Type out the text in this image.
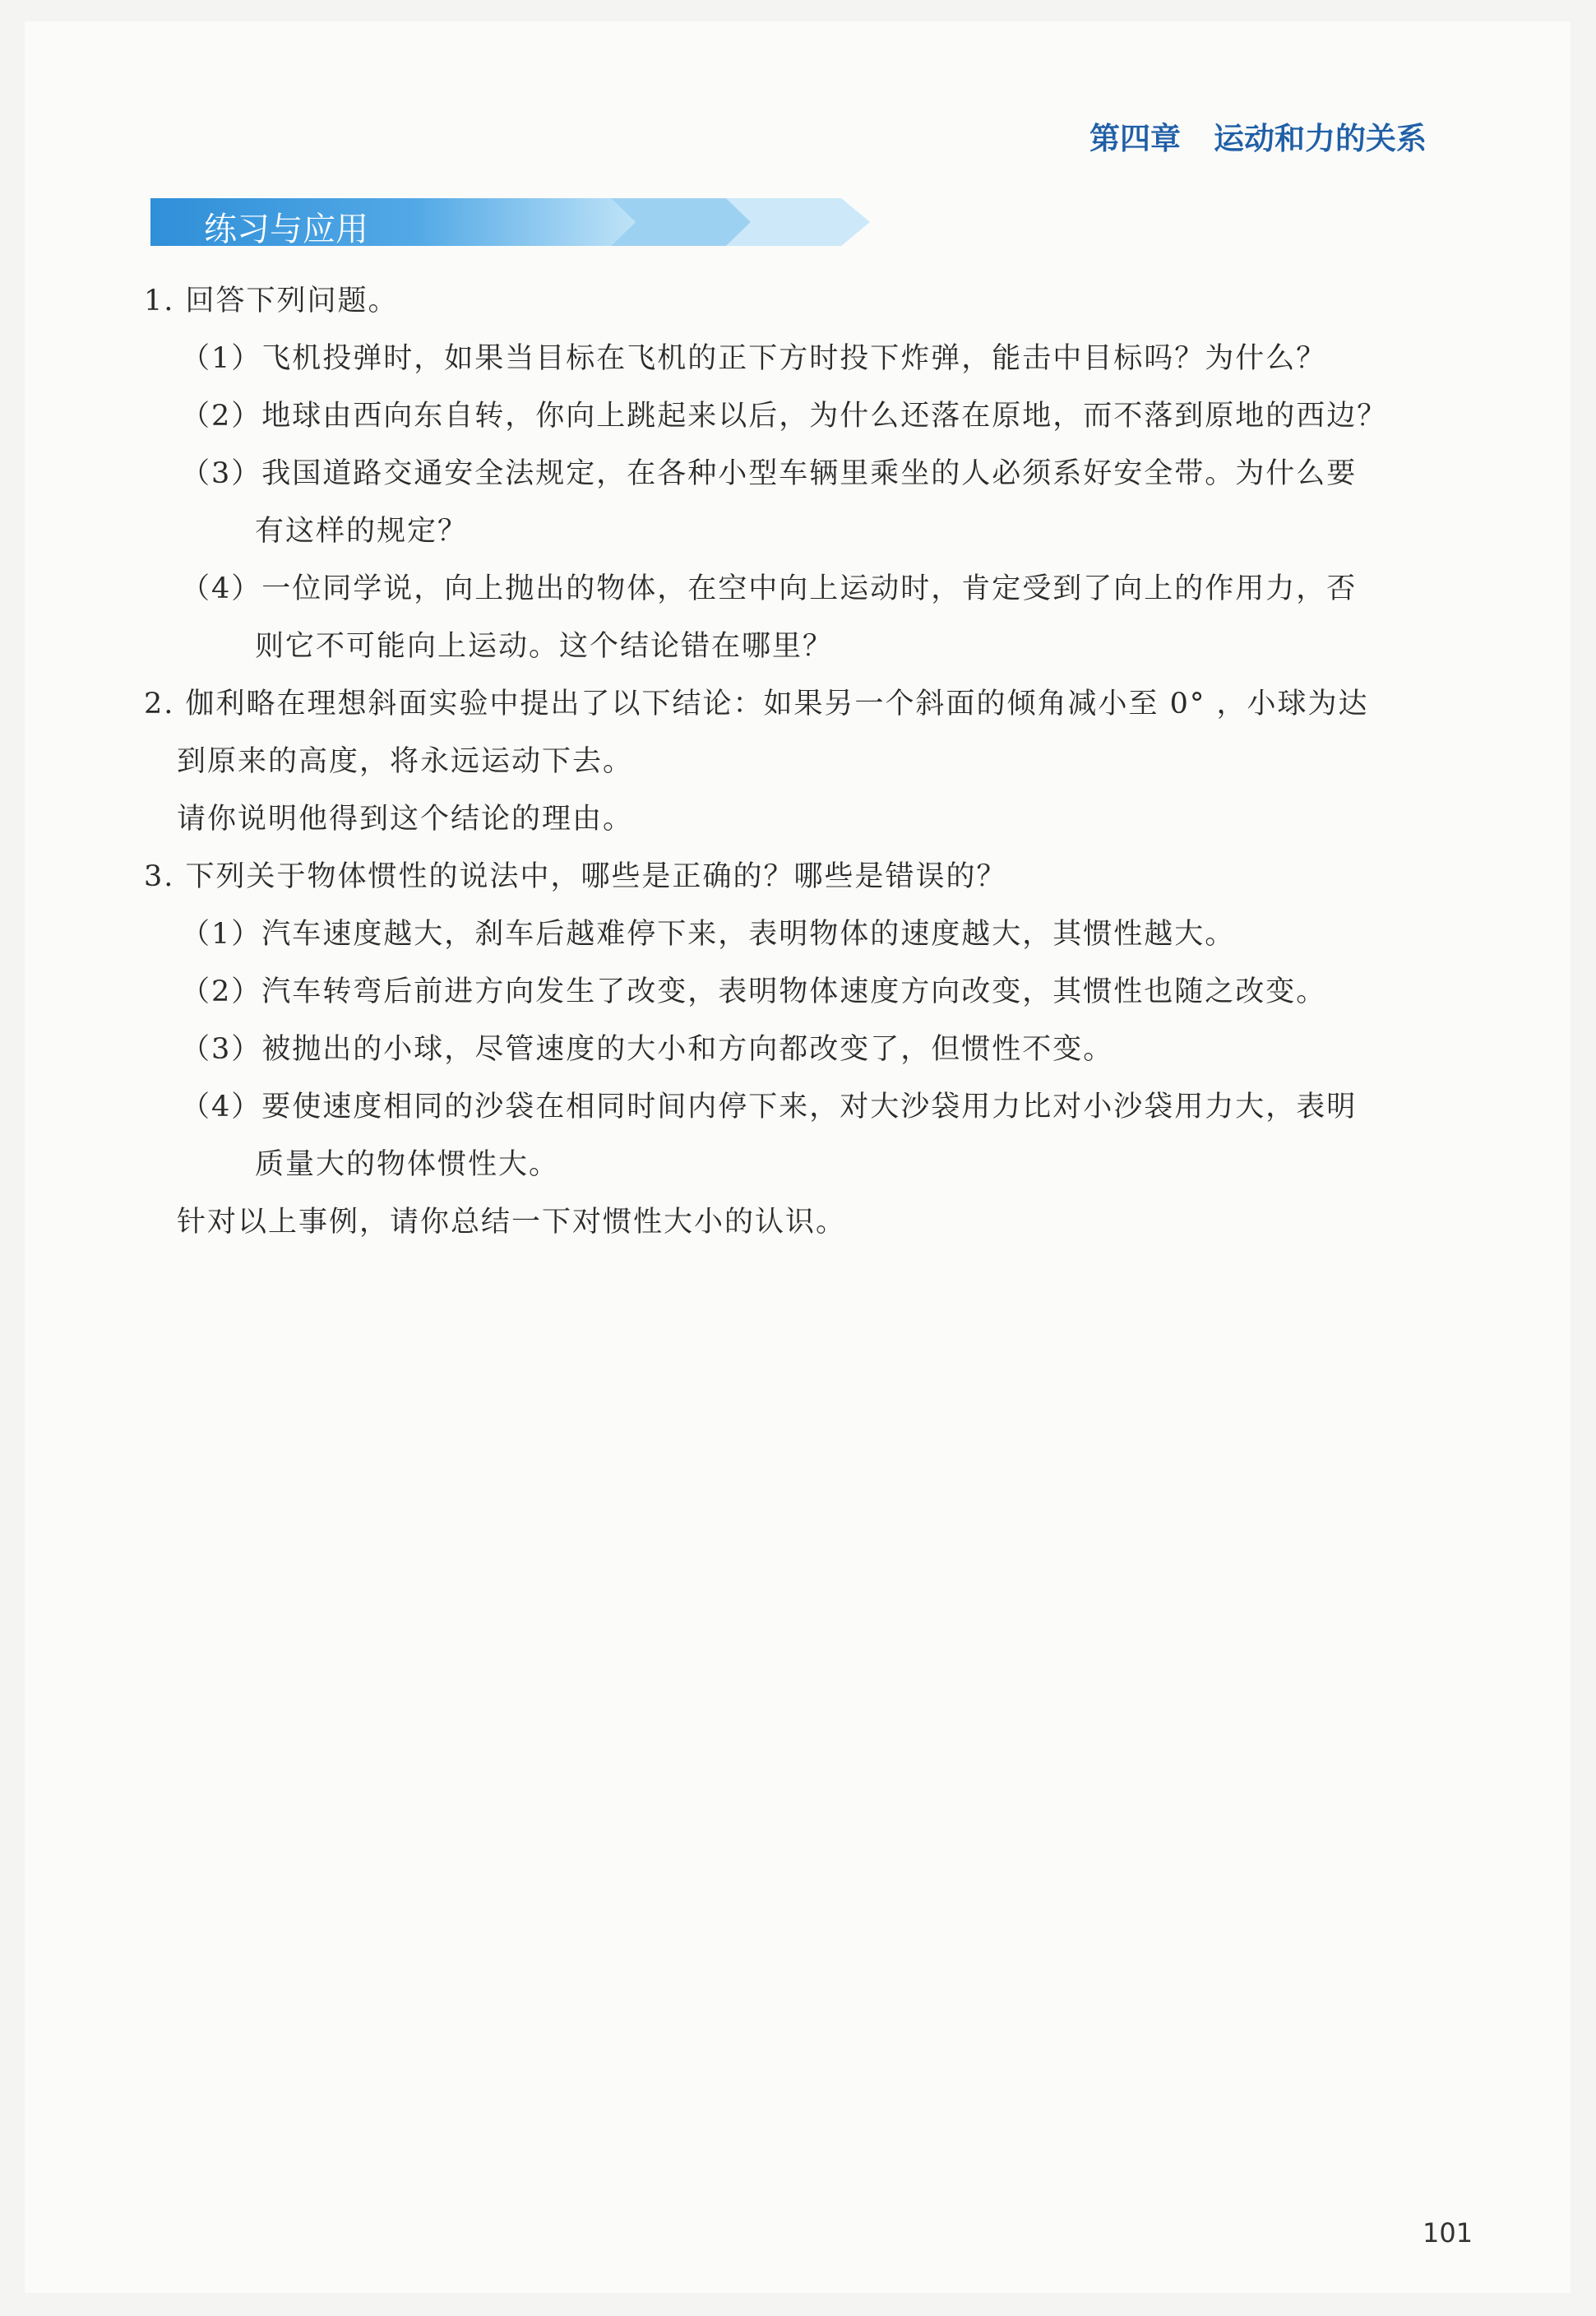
第四章 运动和力的关系
练习与应用
1. 回答下列问题。
（1）飞机投弹时，如果当目标在飞机的正下方时投下炸弹，能击中目标吗？为什么？
（2）地球由西向东自转，你向上跳起来以后，为什么还落在原地，而不落到原地的西边？
（3）我国道路交通安全法规定，在各种小型车辆里乘坐的人必须系好安全带。为什么要
有这样的规定？
（4）一位同学说，向上抛出的物体，在空中向上运动时，肯定受到了向上的作用力，否
则它不可能向上运动。这个结论错在哪里？
2. 伽利略在理想斜面实验中提出了以下结论：如果另一个斜面的倾角减小至 0° ，小球为达
到原来的高度，将永远运动下去。
请你说明他得到这个结论的理由。
3. 下列关于物体惯性的说法中，哪些是正确的？哪些是错误的？
（1）汽车速度越大，刹车后越难停下来，表明物体的速度越大，其惯性越大。
（2）汽车转弯后前进方向发生了改变，表明物体速度方向改变，其惯性也随之改变。
（3）被抛出的小球，尽管速度的大小和方向都改变了，但惯性不变。
（4）要使速度相同的沙袋在相同时间内停下来，对大沙袋用力比对小沙袋用力大，表明
质量大的物体惯性大。
针对以上事例，请你总结一下对惯性大小的认识。
101
